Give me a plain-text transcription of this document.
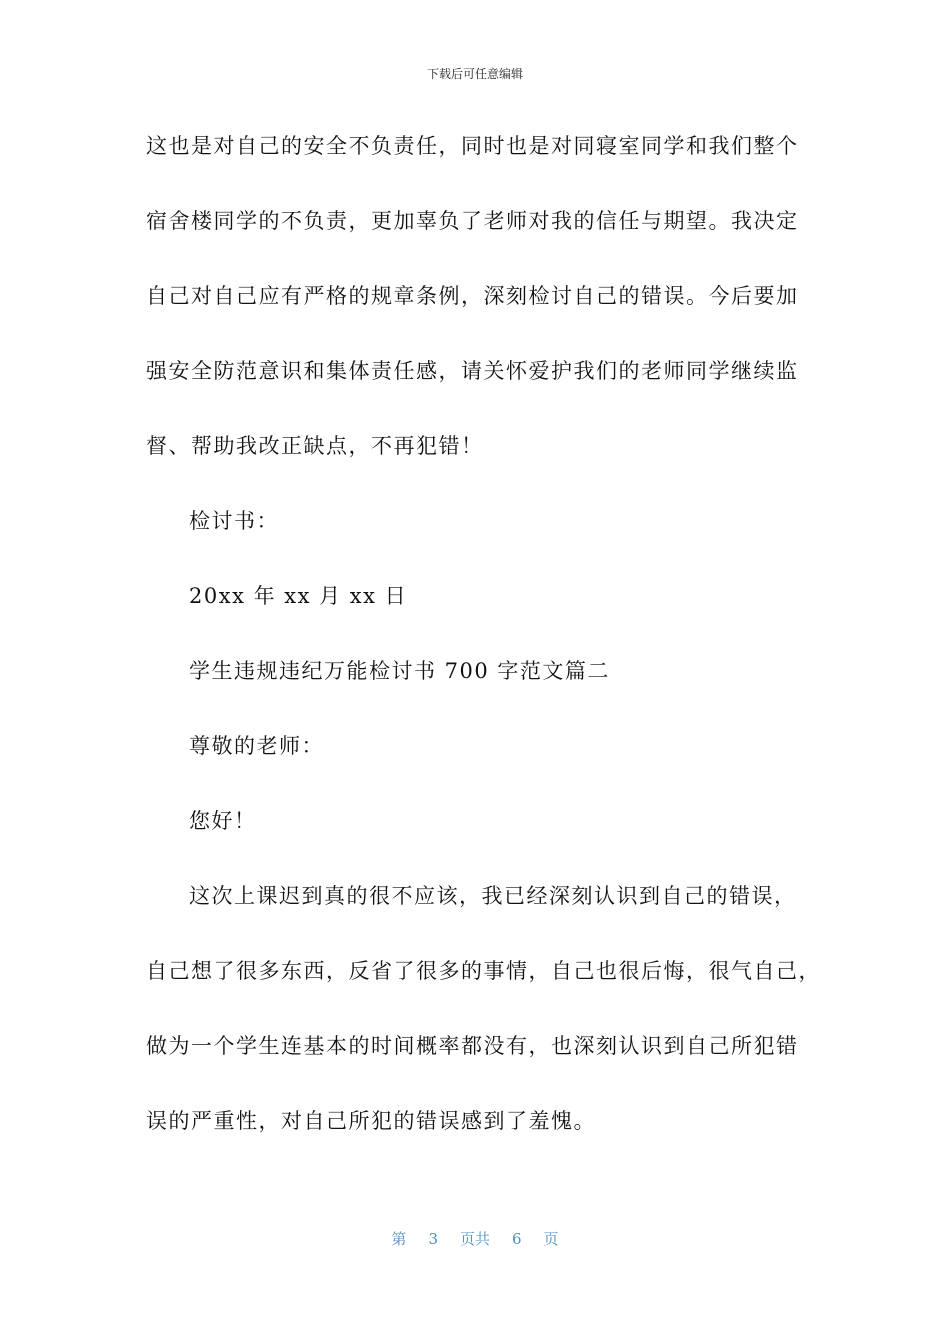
下载后可任意编辑

这也是对自己的安全不负责任，同时也是对同寝室同学和我们整个

宿舍楼同学的不负责，更加辜负了老师对我的信任与期望。我决定

自己对自己应有严格的规章条例，深刻检讨自己的错误。今后要加

强安全防范意识和集体责任感，请关怀爱护我们的老师同学继续监

督、帮助我改正缺点，不再犯错！

检讨书：

20xx 年 xx 月 xx 日

学生违规违纪万能检讨书 700 字范文篇二

尊敬的老师：

您好！

这次上课迟到真的很不应该，我已经深刻认识到自己的错误，

自己想了很多东西，反省了很多的事情，自己也很后悔，很气自己，

做为一个学生连基本的时间概率都没有，也深刻认识到自己所犯错

误的严重性，对自己所犯的错误感到了羞愧。

第 3 页共 6 页
